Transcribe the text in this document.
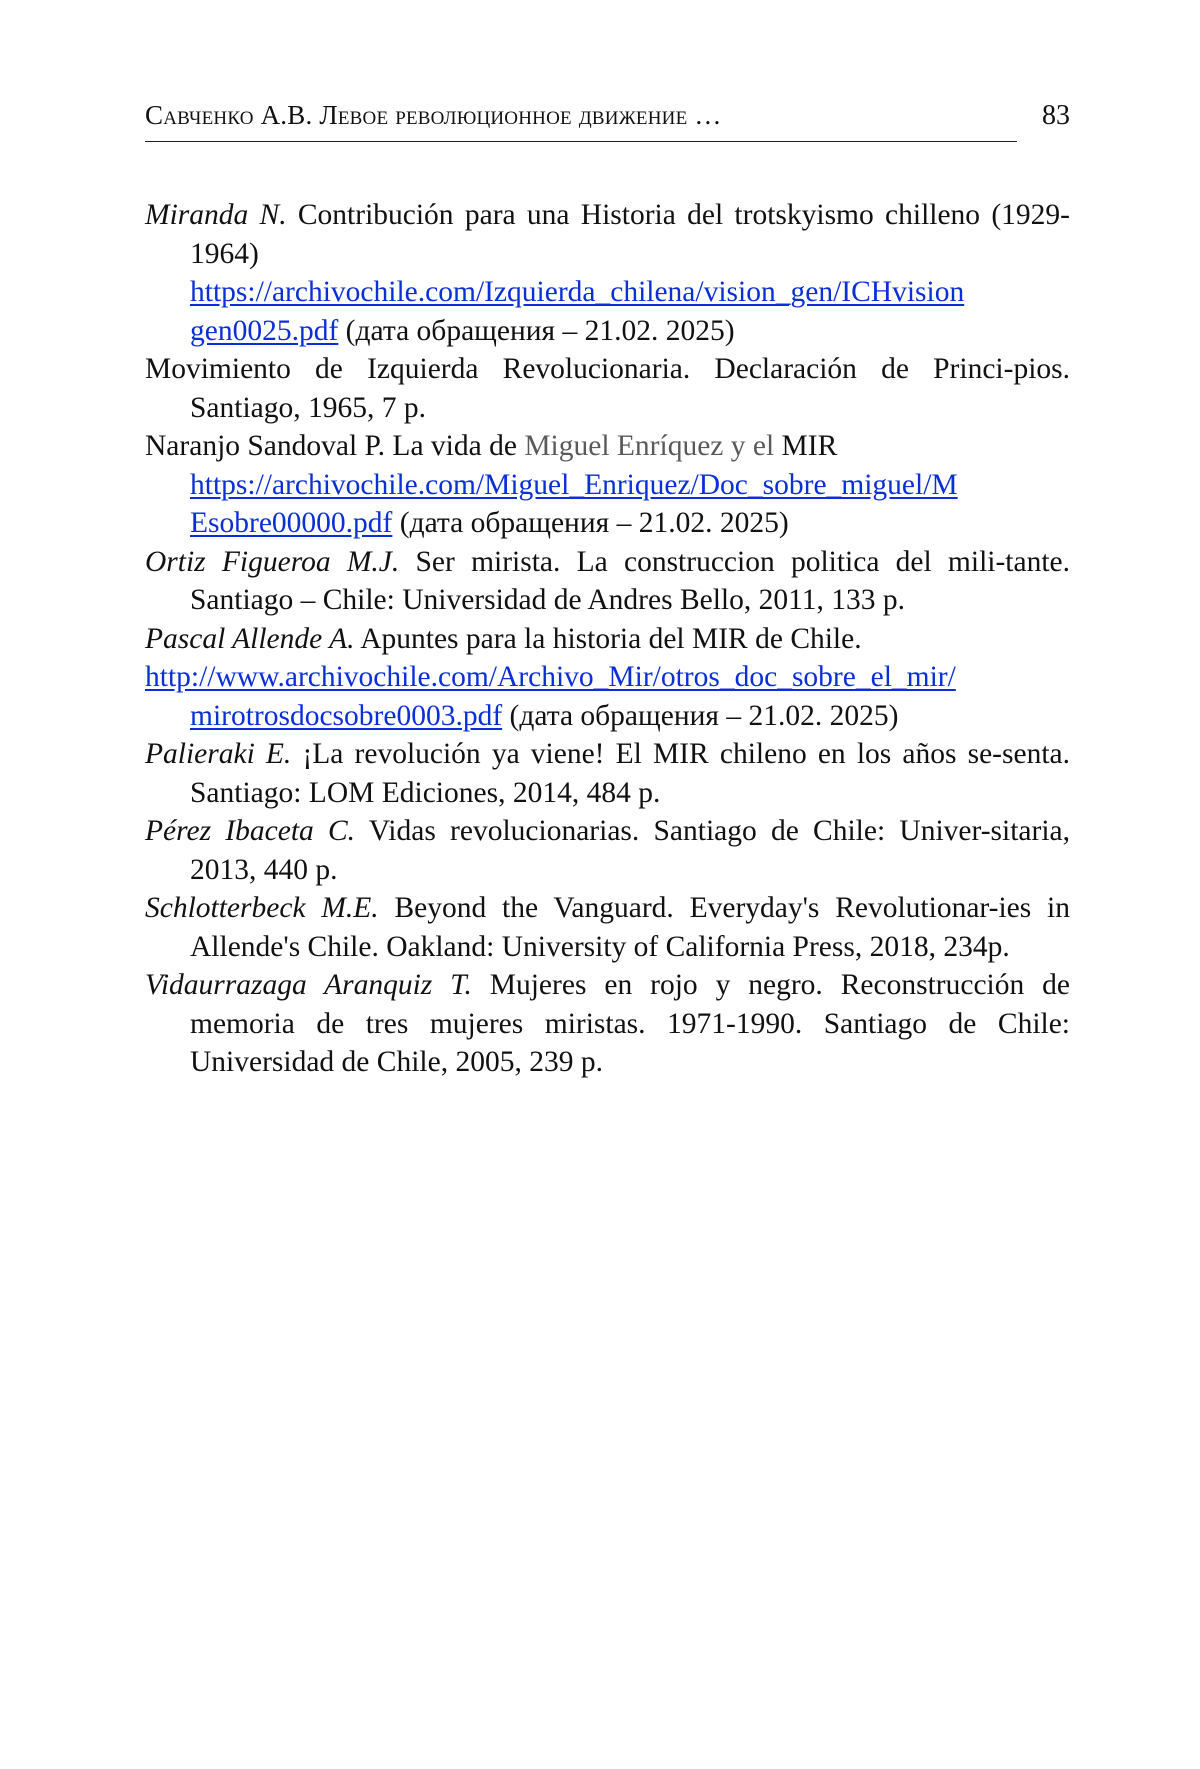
Савченко А.В. Левое революционное движение …	83

Miranda N. Contribución para una Historia del trotskyismo chilleno (1929-1964)
https://archivochile.com/Izquierda_chilena/vision_gen/ICHvision
gen0025.pdf (дата обращения – 21.02. 2025)

Movimiento de Izquierda Revolucionaria. Declaración de Princi-pios. Santiago, 1965, 7 p.

Naranjo Sandoval P. La vida de Miguel Enríquez y el MIR
https://archivochile.com/Miguel_Enriquez/Doc_sobre_miguel/M
Esobre00000.pdf (дата обращения – 21.02. 2025)

Ortiz Figueroa M.J. Ser mirista. La construccion politica del mili-tante. Santiago – Chile: Universidad de Andres Bello, 2011, 133 p.

Pascal Allende A. Apuntes para la historia del MIR de Chile.

http://www.archivochile.com/Archivo_Mir/otros_doc_sobre_el_mir/
mirotrosdocsobre0003.pdf (дата обращения – 21.02. 2025)

Palieraki E. ¡La revolución ya viene! El MIR chileno en los años se-senta. Santiago: LOM Ediciones, 2014, 484 p.

Pérez Ibaceta C. Vidas revolucionarias. Santiago de Chile: Univer-sitaria, 2013, 440 p.

Schlotterbeck M.E. Beyond the Vanguard. Everyday's Revolutionar-ies in Allende's Chile. Oakland: University of California Press, 2018, 234p.

Vidaurrazaga Aranquiz T. Mujeres en rojo y negro. Reconstrucción de memoria de tres mujeres miristas. 1971-1990. Santiago de Chile: Universidad de Chile, 2005, 239 p.
